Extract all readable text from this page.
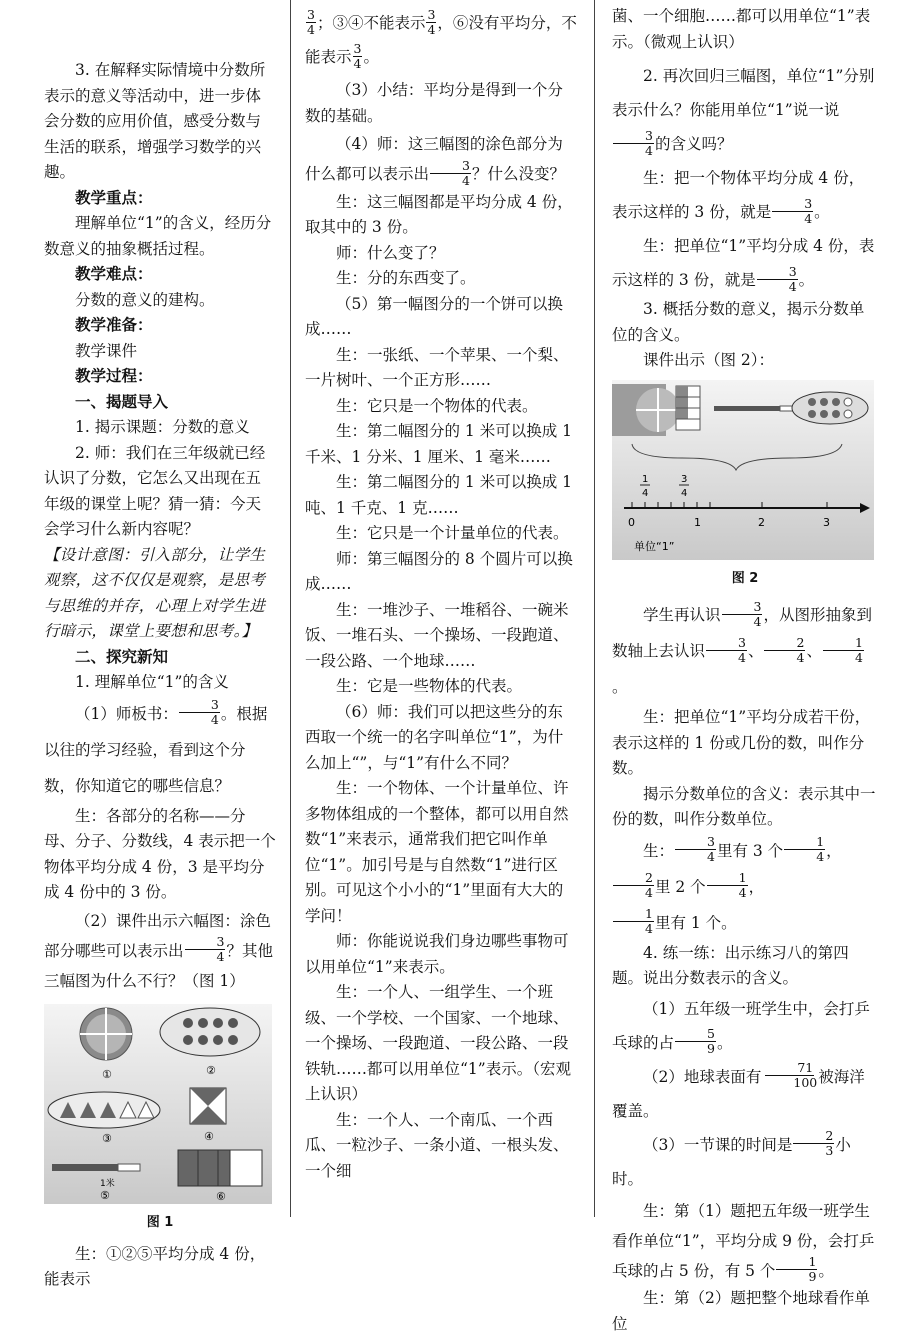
3. 在解释实际情境中分数所表示的意义等活动中，进一步体会分数的应用价值，感受分数与生活的联系，增强学习数学的兴趣。

教学重点：

理解单位“1”的含义，经历分数意义的抽象概括过程。

教学难点：

分数的意义的建构。

教学准备：

教学课件

教学过程：

一、揭题导入

1. 揭示课题：分数的意义

2. 师：我们在三年级就已经认识了分数，它怎么又出现在五年级的课堂上呢？猜一猜：今天会学习什么新内容呢？

【设计意图：引入部分，让学生观察，这不仅仅是观察，是思考与思维的并存，心理上对学生进行暗示，课堂上要想和思考。】

二、探究新知

1. 理解单位“1”的含义

（1）师板书： $\frac{3}{4}$ 。根据以往的学习经验，看到这个分数，你知道它的哪些信息？

生：各部分的名称——分母、分子、分数线，4 表示把一个物体平均分成 4 份，3 是平均分成 4 份中的 3 份。

（2）课件出示六幅图：涂色部分哪些可以表示出 $\frac{3}{4}$ ？其他三幅图为什么不行？（图 1）

①	②
③	④
1米
⑤	⑥

图 1

生：①②⑤平均分成 4 份，能表示

$\frac{3}{4}$ ；③④不能表示 $\frac{3}{4}$ ，⑥没有平均分，不能表示 $\frac{3}{4}$ 。

（3）小结：平均分是得到一个分数的基础。

（4）师：这三幅图的涂色部分为什么都可以表示出 $\frac{3}{4}$ ？什么没变？

生：这三幅图都是平均分成 4 份，取其中的 3 份。

师：什么变了？

生：分的东西变了。

（5）第一幅图分的一个饼可以换成……

生：一张纸、一个苹果、一个梨、一片树叶、一个正方形……

生：它只是一个物体的代表。

生：第二幅图分的 1 米可以换成 1 千米、1 分米、1 厘米、1 毫米……

生：第二幅图分的 1 米可以换成 1 吨、1 千克、1 克……

生：它只是一个计量单位的代表。

师：第三幅图分的 8 个圆片可以换成……

生：一堆沙子、一堆稻谷、一碗米饭、一堆石头、一个操场、一段跑道、一段公路、一个地球……

生：它是一些物体的代表。

（6）师：我们可以把这些分的东西取一个统一的名字叫单位“1”，为什么加上“”，与“1”有什么不同？

生：一个物体、一个计量单位、许多物体组成的一个整体，都可以用自然数“1”来表示，通常我们把它叫作单位“1”。加引号是与自然数“1”进行区别。可见这个小小的“1”里面有大大的学问！

师：你能说说我们身边哪些事物可以用单位“1”来表示。

生：一个人、一组学生、一个班级、一个学校、一个国家、一个地球、一个操场、一段跑道、一段公路、一段铁轨……都可以用单位“1”表示。（宏观上认识）

生：一个人、一个南瓜、一个西瓜、一粒沙子、一条小道、一根头发、一个细

菌、一个细胞……都可以用单位“1”表示。（微观上认识）

2. 再次回归三幅图，单位“1”分别表示什么？你能用单位“1”说一说
$\frac{3}{4}$ 的含义吗？

生：把一个物体平均分成 4 份，表示这样的 3 份，就是 $\frac{3}{4}$ 。

生：把单位“1”平均分成 4 份，表示这样的 3 份，就是 $\frac{3}{4}$ 。

3. 概括分数的意义，揭示分数单位的含义。

课件出示（图 2）：

1
4
3
4
0	1	2	3
单位“1”

图 2

学生再认识 $\frac{3}{4}$ ，从图形抽象到数轴上去认识 $\frac{3}{4}$ 、 $\frac{2}{4}$ 、 $\frac{1}{4}$
。

生：把单位“1”平均分成若干份，表示这样的 1 份或几份的数，叫作分数。

揭示分数单位的含义：表示其中一份的数，叫作分数单位。

生： $\frac{3}{4}$ 里有 3 个 $\frac{1}{4}$ ，
$\frac{2}{4}$ 里 2 个 $\frac{1}{4}$ ，

$\frac{1}{4}$ 里有 1 个。

4. 练一练：出示练习八的第四题。说出分数表示的含义。

（1）五年级一班学生中，会打乒乓球的占 $\frac{5}{9}$ 。

（2）地球表面有 $\frac{71}{100}$ 被海洋覆盖。

（3）一节课的时间是 $\frac{2}{3}$ 小时。

生：第（1）题把五年级一班学生看作单位“1”，平均分成 9 份，会打乒乓球的占 5 份，有 5 个 $\frac{1}{9}$ 。

生：第（2）题把整个地球看作单位
